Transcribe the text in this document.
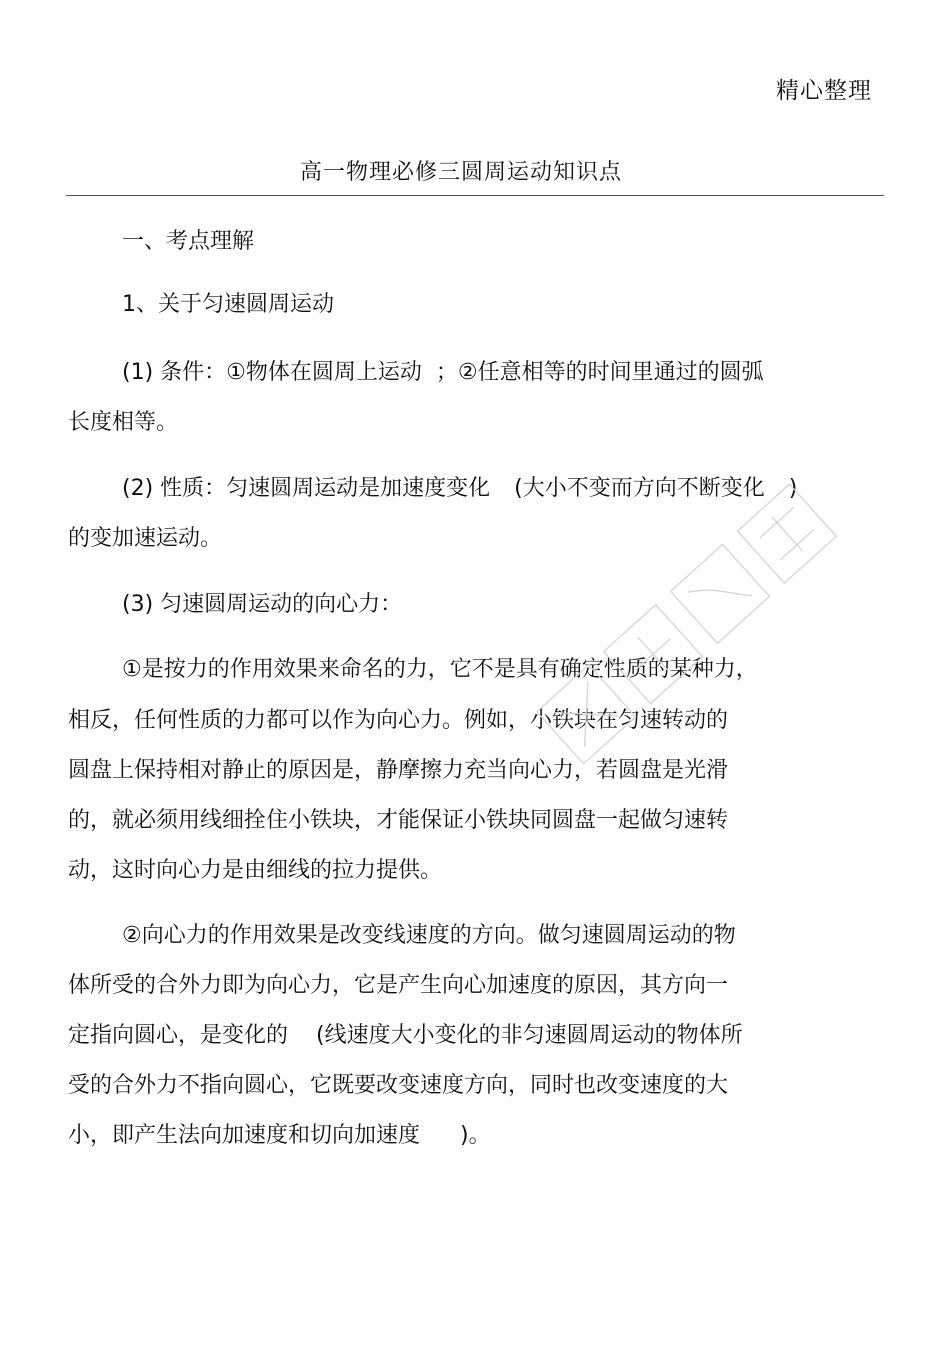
精心整理
高一物理必修三圆周运动知识点
一、考点理解
1、关于匀速圆周运动
(1) 条件：①物体在圆周上运动 ；②任意相等的时间里通过的圆弧
长度相等。
(2) 性质：匀速圆周运动是加速度变化 (大小不变而方向不断变化 )
的变加速运动。
(3) 匀速圆周运动的向心力：
①是按力的作用效果来命名的力，它不是具有确定性质的某种力，
相反，任何性质的力都可以作为向心力。例如，小铁块在匀速转动的
圆盘上保持相对静止的原因是，静摩擦力充当向心力，若圆盘是光滑
的，就必须用线细拴住小铁块，才能保证小铁块同圆盘一起做匀速转
动，这时向心力是由细线的拉力提供。
②向心力的作用效果是改变线速度的方向。做匀速圆周运动的物
体所受的合外力即为向心力，它是产生向心加速度的原因，其方向一
定指向圆心，是变化的 (线速度大小变化的非匀速圆周运动的物体所
受的合外力不指向圆心，它既要改变速度方向，同时也改变速度的大
小，即产生法向加速度和切向加速度 )。
